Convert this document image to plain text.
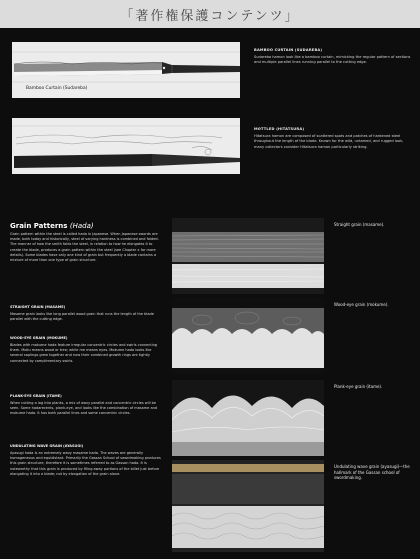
「著作権保護コンテンツ」
Bamboo Curtain (Sudareba)
BAMBOO CURTAIN (SUDAREBA)
Sudareba hamon look like a bamboo curtain, mimicking the regular pattern of sections and multiple parallel lines running parallel to the cutting edge.
Mottled (Hitatsura)
MOTTLED (HITATSURA)
Hitatsura hamon are composed of scattered spots and patches of hardened steel throughout the length of the blade. Known for the wild, untamed, and rugged look, many collectors consider Hitatsura hamon particularly striking.
Grain Patterns (Hada)
Grain pattern within the steel is called hada in Japanese. When Japanese swords are made, both today and historically, steel of varying hardness is combined and folded. The manner of how the smith folds the steel, in relation to how he elongates it to create the blade, produces a grain pattern within the steel (see Chapter x for more details). Some blades have only one kind of grain but frequently a blade contains a mixture of more than one type of grain structure.
STRAIGHT GRAIN (MASAME)
Masame grain looks like long parallel wood grain that runs the length of the blade parallel with the cutting edge.
WOOD-EYE GRAIN (MOKUME)
Blades with mokume hada feature irregular concentric circles and swirls connecting them. Moku means wood or tree; while me means eyes. Mokume hada looks like several saplings grew together and now their combined growth rings are tightly connected by complimentary swirls.
PLANK-EYE GRAIN (ITAME)
When cutting a log into planks, a mix of wavy parallel and concentric circles will be seen. Some hadarecents, plank-eye, and looks like the combination of masame and mokume hada. It has both parallel lines and some concentric circles.
UNDULATING WAVE GRAIN (AYASUGI)
Ayasugi hada is an extremely wavy masame hada. The waves are generally homogeneous and equidistant. Primarily the Gassan School of swordmaking produces this grain structure, therefore it is sometimes referred to as Gassan hada. It is noteworthy that this grain is produced by filing away portions of the billet just before elongating it into a blade; not by elongation of the grain alone.
Straight grain (masame).
Wood-eye grain (mokume).
Plank-eye grain (itame).
Undulating wave grain (ayasugi)—the hallmark of the Gassan school of swordmaking.
